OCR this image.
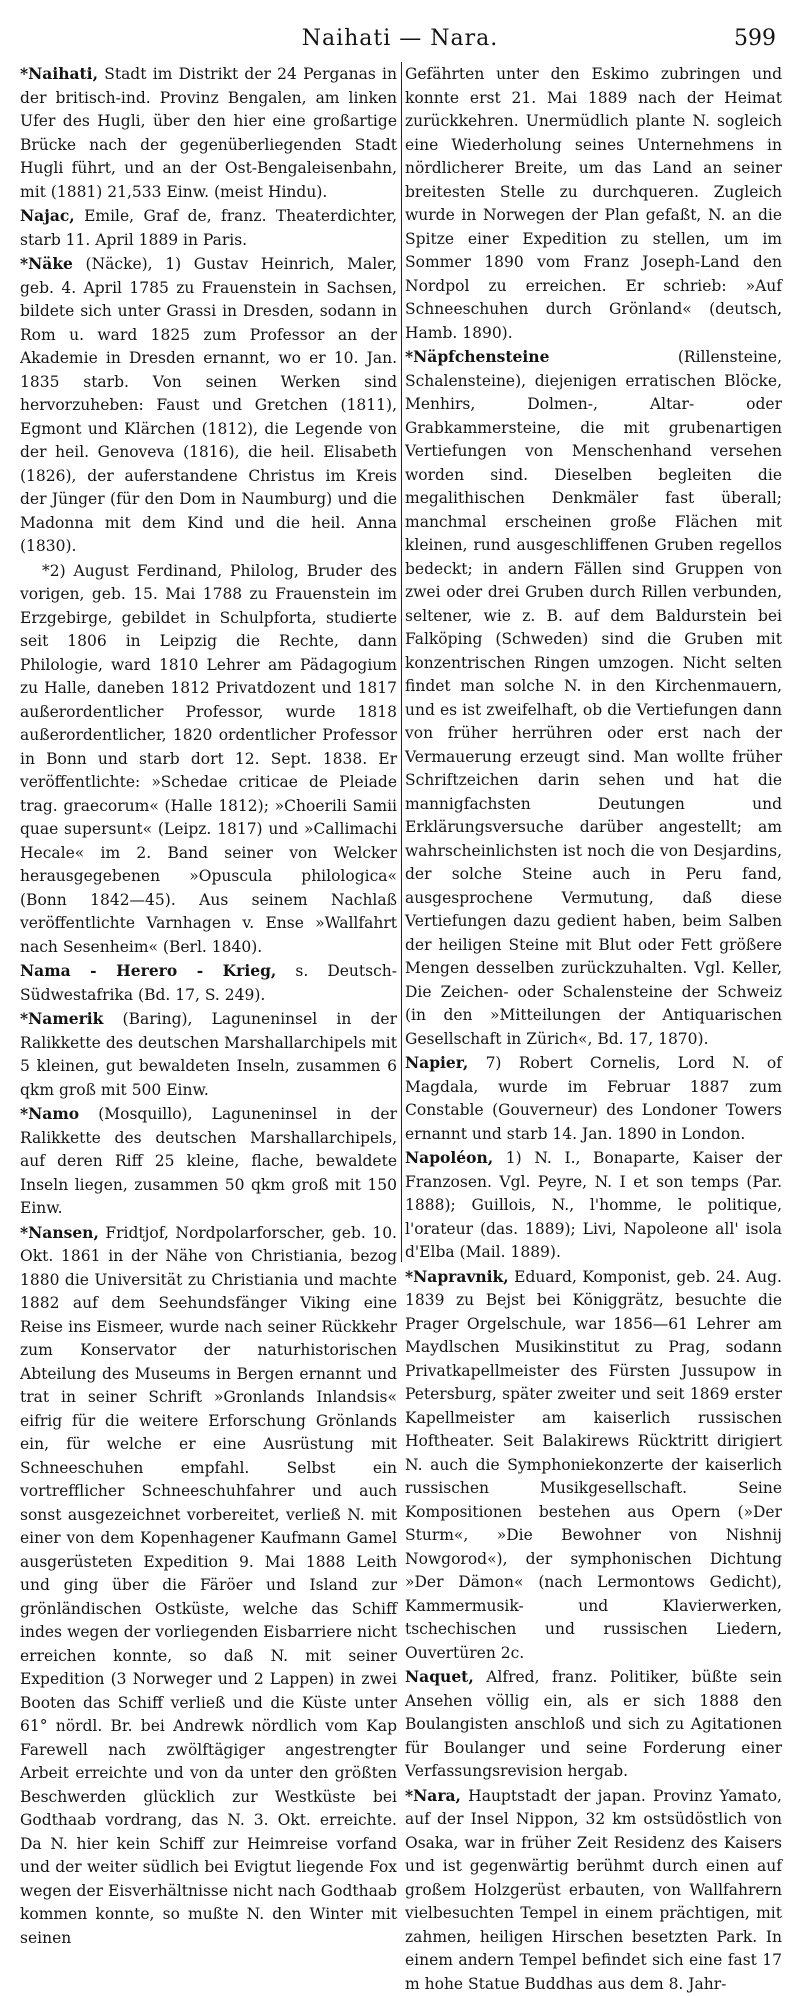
Naihati — Nara.	599

*Naihati, Stadt im Distrikt der 24 Perganas in der britisch-ind. Provinz Bengalen, am linken Ufer des Hugli, über den hier eine großartige Brücke nach der gegenüberliegenden Stadt Hugli führt, und an der Ost-Bengaleisenbahn, mit (1881) 21,533 Einw. (meist Hindu).

Najac, Emile, Graf de, franz. Theaterdichter, starb 11. April 1889 in Paris.

*Näke (Näcke), 1) Gustav Heinrich, Maler, geb. 4. April 1785 zu Frauenstein in Sachsen, bildete sich unter Grassi in Dresden, sodann in Rom u. ward 1825 zum Professor an der Akademie in Dresden ernannt, wo er 10. Jan. 1835 starb. Von seinen Werken sind hervorzuheben: Faust und Gretchen (1811), Egmont und Klärchen (1812), die Legende von der heil. Genoveva (1816), die heil. Elisabeth (1826), der auferstandene Christus im Kreis der Jünger (für den Dom in Naumburg) und die Madonna mit dem Kind und die heil. Anna (1830).

*2) August Ferdinand, Philolog, Bruder des vorigen, geb. 15. Mai 1788 zu Frauenstein im Erzgebirge, gebildet in Schulpforta, studierte seit 1806 in Leipzig die Rechte, dann Philologie, ward 1810 Lehrer am Pädagogium zu Halle, daneben 1812 Privatdozent und 1817 außerordentlicher Professor, wurde 1818 außerordentlicher, 1820 ordentlicher Professor in Bonn und starb dort 12. Sept. 1838. Er veröffentlichte: »Schedae criticae de Pleiade trag. graecorum« (Halle 1812); »Choerili Samii quae supersunt« (Leipz. 1817) und »Callimachi Hecale« im 2. Band seiner von Welcker herausgegebenen »Opuscula philologica« (Bonn 1842—45). Aus seinem Nachlaß veröffentlichte Varnhagen v. Ense »Wallfahrt nach Sesenheim« (Berl. 1840).

Nama - Herero - Krieg, s. Deutsch-Südwestafrika (Bd. 17, S. 249).

*Namerik (Baring), Lagunеninsel in der Ralikkette des deutschen Marshallarchipels mit 5 kleinen, gut bewaldeten Inseln, zusammen 6 qkm groß mit 500 Einw.

*Namo (Mosquillo), Laguneninsel in der Ralikkette des deutschen Marshallarchipels, auf deren Riff 25 kleine, flache, bewaldete Inseln liegen, zusammen 50 qkm groß mit 150 Einw.

*Nansen, Fridtjof, Nordpolarforscher, geb. 10. Okt. 1861 in der Nähe von Christiania, bezog 1880 die Universität zu Christiania und machte 1882 auf dem Seehundsfänger Viking eine Reise ins Eismeer, wurde nach seiner Rückkehr zum Konservator der naturhistorischen Abteilung des Museums in Bergen ernannt und trat in seiner Schrift »Gronlands Inlandsis« eifrig für die weitere Erforschung Grönlands ein, für welche er eine Ausrüstung mit Schneeschuhen empfahl. Selbst ein vortrefflicher Schneeschuhfahrer und auch sonst ausgezeichnet vorbereitet, verließ N. mit einer von dem Kopenhagener Kaufmann Gamel ausgerüsteten Expedition 9. Mai 1888 Leith und ging über die Färöer und Island zur grönländischen Ostküste, welche das Schiff indes wegen der vorliegenden Eisbarriere nicht erreichen konnte, so daß N. mit seiner Expedition (3 Norweger und 2 Lappen) in zwei Booten das Schiff verließ und die Küste unter 61° nördl. Br. bei Andrewk nördlich vom Kap Farewell nach zwölftägiger angestrengter Arbeit erreichte und von da unter den größten Beschwerden glücklich zur Westküste bei Godthaab vordrang, das N. 3. Okt. erreichte. Da N. hier kein Schiff zur Heimreise vorfand und der weiter südlich bei Evigtut liegende Fox wegen der Eisverhältnisse nicht nach Godthaab kommen konnte, so mußte N. den Winter mit seinen

Gefährten unter den Eskimo zubringen und konnte erst 21. Mai 1889 nach der Heimat zurückkehren. Unermüdlich plante N. sogleich eine Wiederholung seines Unternehmens in nördlicherer Breite, um das Land an seiner breitesten Stelle zu durchqueren. Zugleich wurde in Norwegen der Plan gefaßt, N. an die Spitze einer Expedition zu stellen, um im Sommer 1890 vom Franz Joseph-Land den Nordpol zu erreichen. Er schrieb: »Auf Schneeschuhen durch Grönland« (deutsch, Hamb. 1890).

*Näpfchensteine (Rillensteine, Schalensteine), diejenigen erratischen Blöcke, Menhirs, Dolmen-, Altar- oder Grabkammersteine, die mit grubenartigen Vertiefungen von Menschenhand versehen worden sind. Dieselben begleiten die megalithischen Denkmäler fast überall; manchmal erscheinen große Flächen mit kleinen, rund ausgeschliffenen Gruben regellos bedeckt; in andern Fällen sind Gruppen von zwei oder drei Gruben durch Rillen verbunden, seltener, wie z. B. auf dem Baldurstein bei Falköping (Schweden) sind die Gruben mit konzentrischen Ringen umzogen. Nicht selten findet man solche N. in den Kirchenmauern, und es ist zweifelhaft, ob die Vertiefungen dann von früher herrühren oder erst nach der Vermauerung erzeugt sind. Man wollte früher Schriftzeichen darin sehen und hat die mannigfachsten Deutungen und Erklärungsversuche darüber angestellt; am wahrscheinlichsten ist noch die von Desjardins, der solche Steine auch in Peru fand, ausgesprochene Vermutung, daß diese Vertiefungen dazu gedient haben, beim Salben der heiligen Steine mit Blut oder Fett größere Mengen desselben zurückzuhalten. Vgl. Keller, Die Zeichen- oder Schalensteine der Schweiz (in den »Mitteilungen der Antiquarischen Gesellschaft in Zürich«, Bd. 17, 1870).

Napier, 7) Robert Cornelis, Lord N. of Magdala, wurde im Februar 1887 zum Constable (Gouverneur) des Londoner Towers ernannt und starb 14. Jan. 1890 in London.

Napoléon, 1) N. I., Bonaparte, Kaiser der Franzosen. Vgl. Peyre, N. I et son temps (Par. 1888); Guillois, N., l'homme, le politique, l'orateur (das. 1889); Livi, Napoleone all' isola d'Elba (Mail. 1889).

*Napravnik, Eduard, Komponist, geb. 24. Aug. 1839 zu Bejst bei Königgrätz, besuchte die Prager Orgelschule, war 1856—61 Lehrer am Maydlschen Musikinstitut zu Prag, sodann Privatkapellmeister des Fürsten Jussupow in Petersburg, später zweiter und seit 1869 erster Kapellmeister am kaiserlich russischen Hoftheater. Seit Balakirews Rücktritt dirigiert N. auch die Symphoniekonzerte der kaiserlich russischen Musikgesellschaft. Seine Kompositionen bestehen aus Opern (»Der Sturm«, »Die Bewohner von Nishnij Nowgorod«), der symphonischen Dichtung »Der Dämon« (nach Lermontows Gedicht), Kammermusik- und Klavierwerken, tschechischen und russischen Liedern, Ouvertüren 2c.

Naquet, Alfred, franz. Politiker, büßte sein Ansehen völlig ein, als er sich 1888 den Boulangisten anschloß und sich zu Agitationen für Boulanger und seine Forderung einer Verfassungsrevision hergab.

*Nara, Hauptstadt der japan. Provinz Yamato, auf der Insel Nippon, 32 km ostsüdöstlich von Osaka, war in früher Zeit Residenz des Kaisers und ist gegenwärtig berühmt durch einen auf großem Holzgerüst erbauten, von Wallfahrern vielbesuchten Tempel in einem prächtigen, mit zahmen, heiligen Hirschen besetzten Park. In einem andern Tempel befindet sich eine fast 17 m hohe Statue Buddhas aus dem 8. Jahr-
